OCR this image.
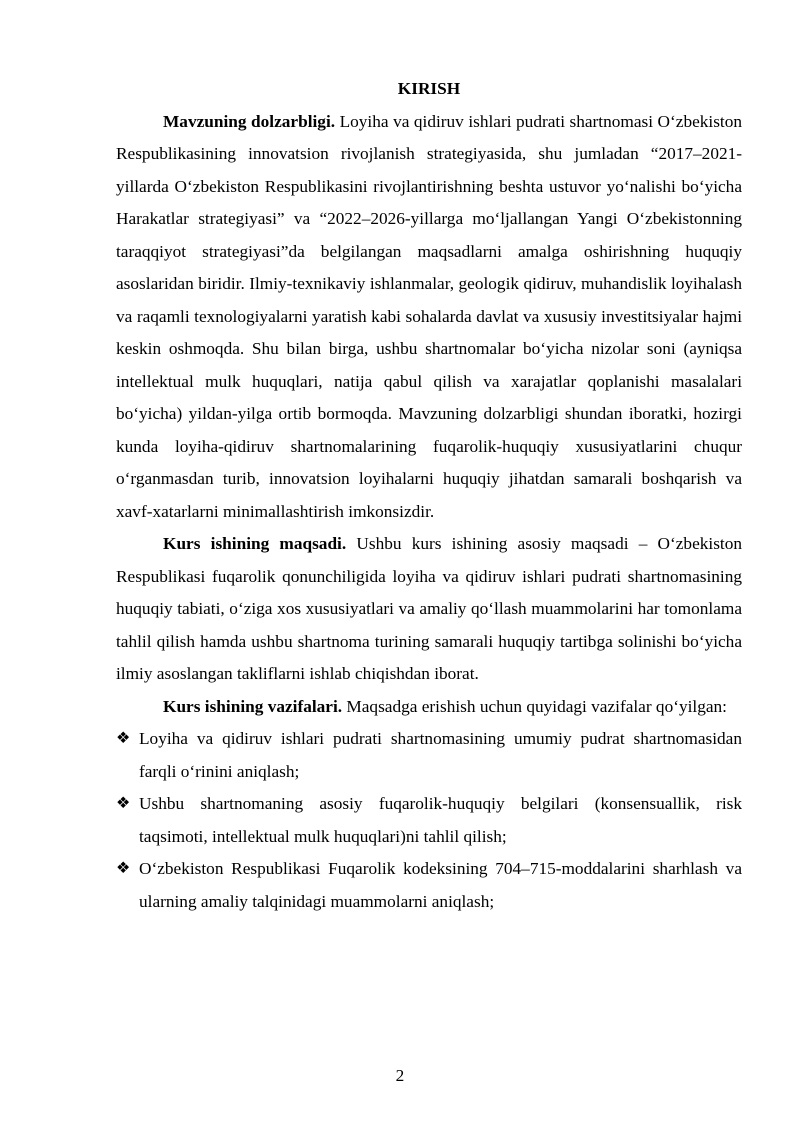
KIRISH

Mavzuning dolzarbligi. Loyiha va qidiruv ishlari pudrati shartnomasi O‘zbekiston Respublikasining innovatsion rivojlanish strategiyasida, shu jumladan “2017–2021-yillarda O‘zbekiston Respublikasini rivojlantirishning beshta ustuvor yo‘nalishi bo‘yicha Harakatlar strategiyasi” va “2022–2026-yillarga mo‘ljallangan Yangi O‘zbekistonning taraqqiyot strategiyasi”da belgilangan maqsadlarni amalga oshirishning huquqiy asoslaridan biridir. Ilmiy-texnikaviy ishlanmalar, geologik qidiruv, muhandislik loyihalash va raqamli texnologiyalarni yaratish kabi sohalarda davlat va xususiy investitsiyalar hajmi keskin oshmoqda. Shu bilan birga, ushbu shartnomalar bo‘yicha nizolar soni (ayniqsa intellektual mulk huquqlari, natija qabul qilish va xarajatlar qoplanishi masalalari bo‘yicha) yildan-yilga ortib bormoqda. Mavzuning dolzarbligi shundan iboratki, hozirgi kunda loyiha-qidiruv shartnomalarining fuqarolik-huquqiy xususiyatlarini chuqur o‘rganmasdan turib, innovatsion loyihalarni huquqiy jihatdan samarali boshqarish va xavf-xatarlarni minimallashtirish imkonsizdir.

Kurs ishining maqsadi. Ushbu kurs ishining asosiy maqsadi – O‘zbekiston Respublikasi fuqarolik qonunchiligida loyiha va qidiruv ishlari pudrati shartnomasining huquqiy tabiati, o‘ziga xos xususiyatlari va amaliy qo‘llash muammolarini har tomonlama tahlil qilish hamda ushbu shartnoma turining samarali huquqiy tartibga solinishi bo‘yicha ilmiy asoslangan takliflarni ishlab chiqishdan iborat.

Kurs ishining vazifalari. Maqsadga erishish uchun quyidagi vazifalar qo‘yilgan:

❖ Loyiha va qidiruv ishlari pudrati shartnomasining umumiy pudrat shartnomasidan farqli o‘rinini aniqlash;
❖ Ushbu shartnomaning asosiy fuqarolik-huquqiy belgilari (konsensuallik, risk taqsimoti, intellektual mulk huquqlari)ni tahlil qilish;
❖ O‘zbekiston Respublikasi Fuqarolik kodeksining 704–715-moddalarini sharhlash va ularning amaliy talqinidagi muammolarni aniqlash;
2
